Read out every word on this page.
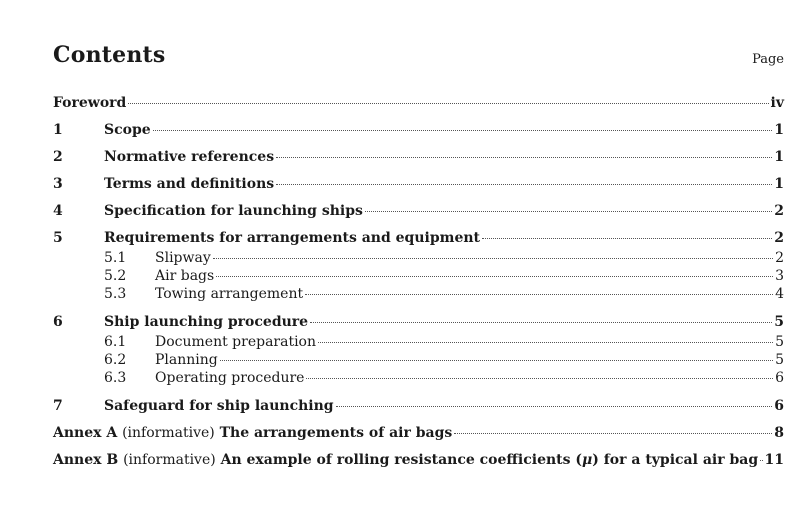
Contents	Page
Foreword	iv
1	Scope	1
2	Normative references	1
3	Terms and definitions	1
4	Specification for launching ships	2
5	Requirements for arrangements and equipment	2
5.1	Slipway	2
5.2	Air bags	3
5.3	Towing arrangement	4
6	Ship launching procedure	5
6.1	Document preparation	5
6.2	Planning	5
6.3	Operating procedure	6
7	Safeguard for ship launching	6
Annex A (informative) The arrangements of air bags	8
Annex B (informative) An example of rolling resistance coefficients (μ) for a typical air bag 11
